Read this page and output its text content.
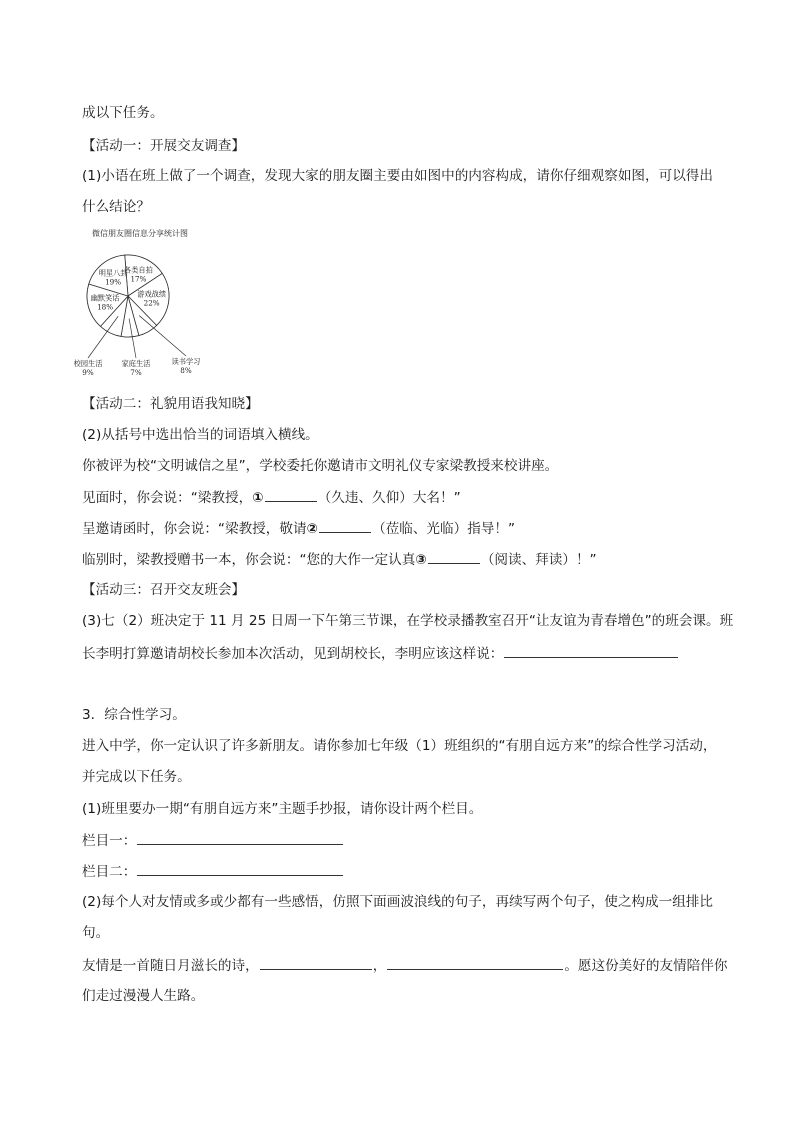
成以下任务。
【活动一：开展交友调查】
(1)小语在班上做了一个调查，发现大家的朋友圈主要由如图中的内容构成，请你仔细观察如图，可以得出
什么结论？
微信朋友圈信息分享统计图
各类自拍
17%
游戏战绩
22%
读书学习
8%
家庭生活
7%
校园生活
9%
幽默笑话
18%
明星八卦
19%
【活动二：礼貌用语我知晓】
(2)从括号中选出恰当的词语填入横线。
你被评为校“文明诚信之星”，学校委托你邀请市文明礼仪专家梁教授来校讲座。
见面时，你会说：“梁教授，①	（久违、久仰）大名！”
呈邀请函时，你会说：“梁教授，敬请②	（莅临、光临）指导！”
临别时，梁教授赠书一本，你会说：“您的大作一定认真③	（阅读、拜读）！”
【活动三：召开交友班会】
(3)七（2）班决定于 11 月 25 日周一下午第三节课，在学校录播教室召开“让友谊为青春增色”的班会课。班
长李明打算邀请胡校长参加本次活动，见到胡校长，李明应该这样说：
3．综合性学习。
进入中学，你一定认识了许多新朋友。请你参加七年级（1）班组织的“有朋自远方来”的综合性学习活动，
并完成以下任务。
(1)班里要办一期“有朋自远方来”主题手抄报，请你设计两个栏目。
栏目一：
栏目二：
(2)每个人对友情或多或少都有一些感悟，仿照下面画波浪线的句子，再续写两个句子，使之构成一组排比
句。
友情是一首随日月滋长的诗，	，	。愿这份美好的友情陪伴你
们走过漫漫人生路。
